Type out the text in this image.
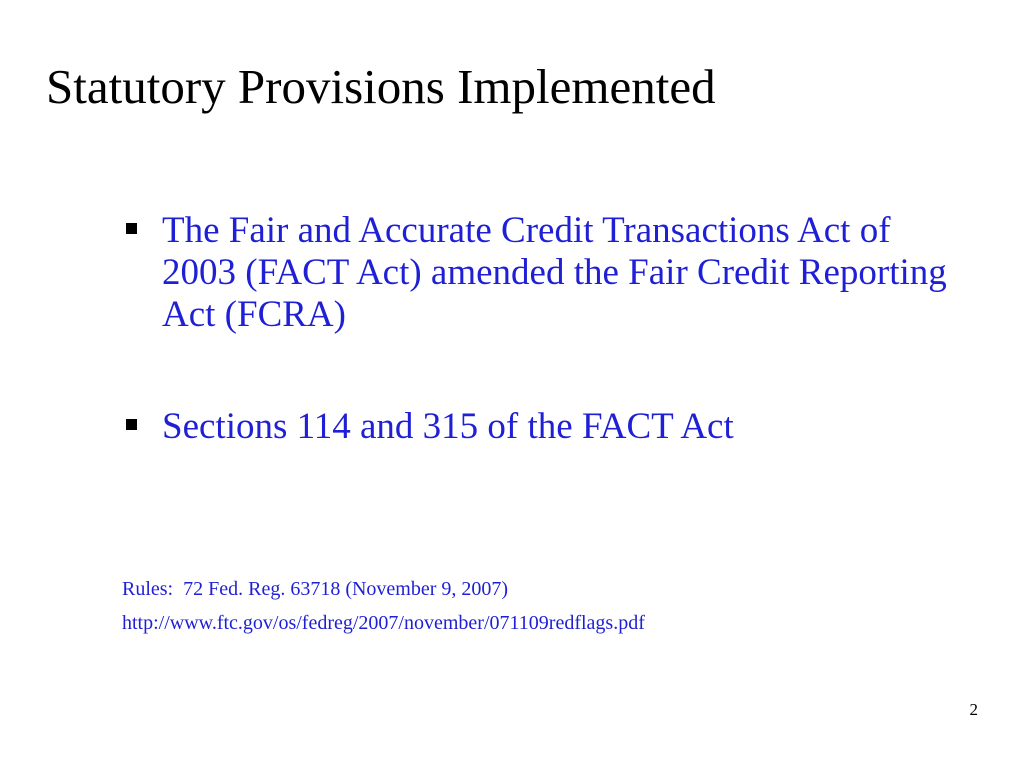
Statutory Provisions Implemented
The Fair and Accurate Credit Transactions Act of 2003 (FACT Act) amended the Fair Credit Reporting Act (FCRA)
Sections 114 and 315 of the FACT Act
Rules:  72 Fed. Reg. 63718 (November 9, 2007)
http://www.ftc.gov/os/fedreg/2007/november/071109redflags.pdf
2
